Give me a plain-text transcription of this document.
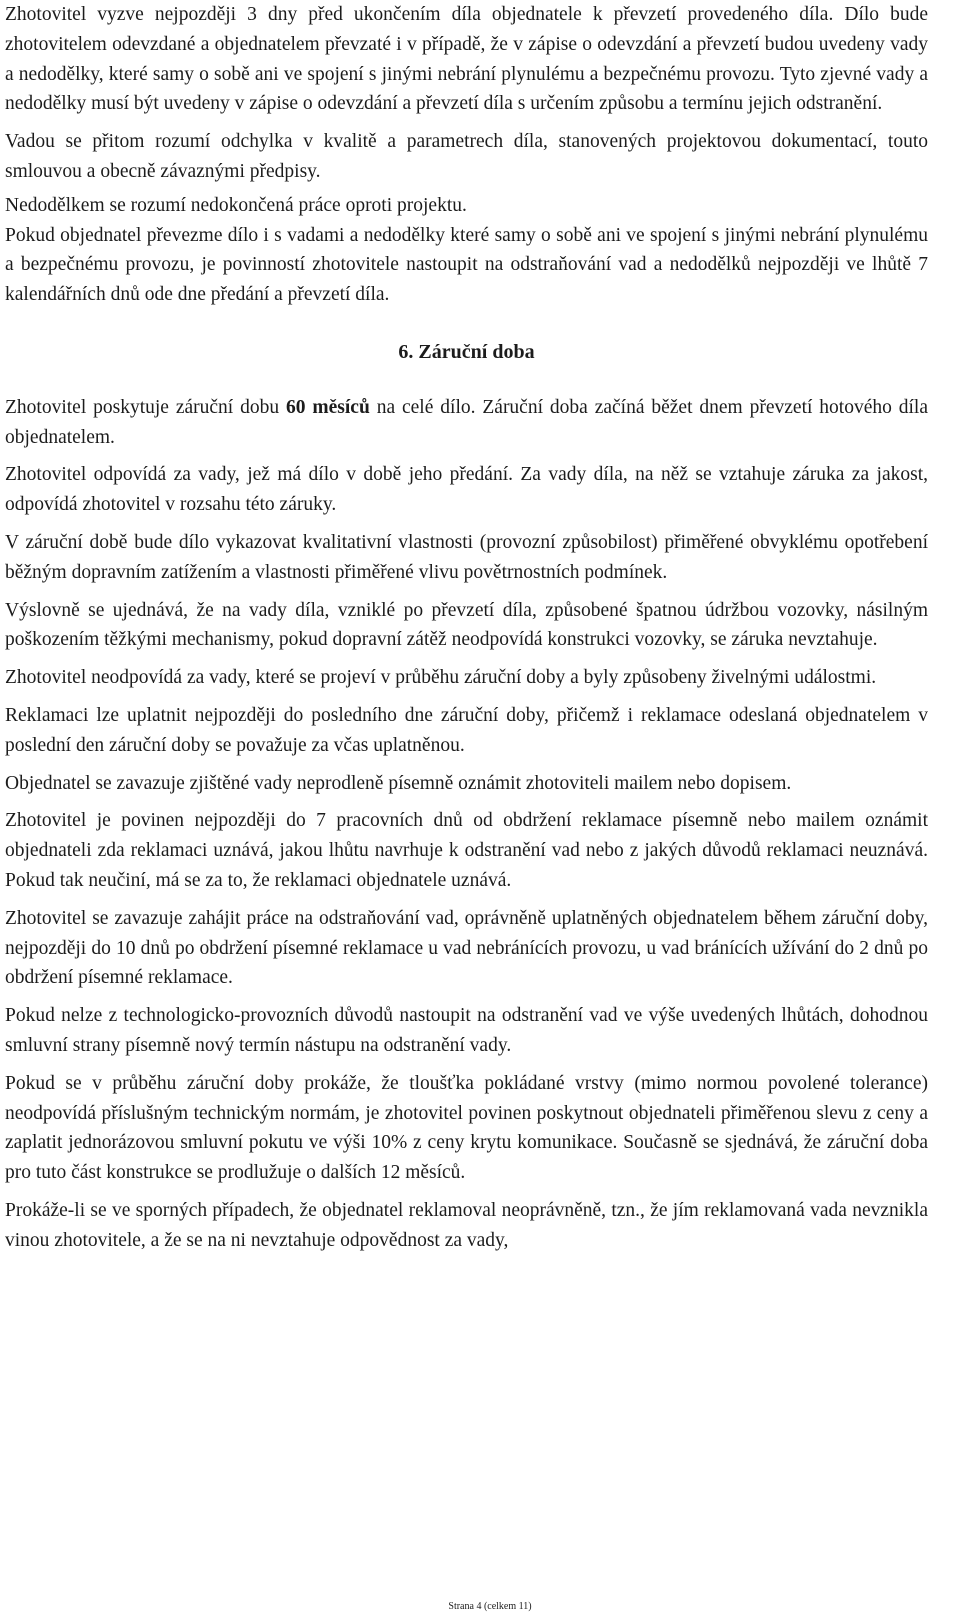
Zhotovitel vyzve nejpozději 3 dny před ukončením díla objednatele k převzetí provedeného díla. Dílo bude zhotovitelem odevzdané a objednatelem převzaté i v případě, že v zápise o odevzdání a převzetí budou uvedeny vady a nedodělky, které samy o sobě ani ve spojení s jinými nebrání plynulému a bezpečnému provozu. Tyto zjevné vady a nedodělky musí být uvedeny v zápise o odevzdání a převzetí díla s určením způsobu a termínu jejich odstranění.

Vadou se přitom rozumí odchylka v kvalitě a parametrech díla, stanovených projektovou dokumentací, touto smlouvou a obecně závaznými předpisy.

Nedodělkem se rozumí nedokončená práce oproti projektu.

Pokud objednatel převezme dílo i s vadami a nedodělky které samy o sobě ani ve spojení s jinými nebrání plynulému a bezpečnému provozu, je povinností zhotovitele nastoupit na odstraňování vad a nedodělků nejpozději ve lhůtě 7 kalendářních dnů ode dne předání a převzetí díla.

6. Záruční doba

Zhotovitel poskytuje záruční dobu 60 měsíců na celé dílo. Záruční doba začíná běžet dnem převzetí hotového díla objednatelem.

Zhotovitel odpovídá za vady, jež má dílo v době jeho předání. Za vady díla, na něž se vztahuje záruka za jakost, odpovídá zhotovitel v rozsahu této záruky.

V záruční době bude dílo vykazovat kvalitativní vlastnosti (provozní způsobilost) přiměřené obvyklému opotřebení běžným dopravním zatížením a vlastnosti přiměřené vlivu povětrnostních podmínek.

Výslovně se ujednává, že na vady díla, vzniklé po převzetí díla, způsobené špatnou údržbou vozovky, násilným poškozením těžkými mechanismy, pokud dopravní zátěž neodpovídá konstrukci vozovky, se záruka nevztahuje.

Zhotovitel neodpovídá za vady, které se projeví v průběhu záruční doby a byly způsobeny živelnými událostmi.

Reklamaci lze uplatnit nejpozději do posledního dne záruční doby, přičemž i reklamace odeslaná objednatelem v poslední den záruční doby se považuje za včas uplatněnou.

Objednatel se zavazuje zjištěné vady neprodleně písemně oznámit zhotoviteli mailem nebo dopisem.

Zhotovitel je povinen nejpozději do 7 pracovních dnů od obdržení reklamace písemně nebo mailem oznámit objednateli zda reklamaci uznává, jakou lhůtu navrhuje k odstranění vad nebo z jakých důvodů reklamaci neuznává. Pokud tak neučiní, má se za to, že reklamaci objednatele uznává.

Zhotovitel se zavazuje zahájit práce na odstraňování vad, oprávněně uplatněných objednatelem během záruční doby, nejpozději do 10 dnů po obdržení písemné reklamace u vad nebránících provozu, u vad bránících užívání do 2 dnů po obdržení písemné reklamace.

Pokud nelze z technologicko-provozních důvodů nastoupit na odstranění vad ve výše uvedených lhůtách, dohodnou smluvní strany písemně nový termín nástupu na odstranění vady.

Pokud se v průběhu záruční doby prokáže, že tloušťka pokládané vrstvy (mimo normou povolené tolerance) neodpovídá příslušným technickým normám, je zhotovitel povinen poskytnout objednateli přiměřenou slevu z ceny a zaplatit jednorázovou smluvní pokutu ve výši 10% z ceny krytu komunikace. Současně se sjednává, že záruční doba pro tuto část konstrukce se prodlužuje o dalších 12 měsíců.

Prokáže-li se ve sporných případech, že objednatel reklamoval neoprávněně, tzn., že jím reklamovaná vada nevznikla vinou zhotovitele, a že se na ni nevztahuje odpovědnost za vady,

Strana 4 (celkem 11)
